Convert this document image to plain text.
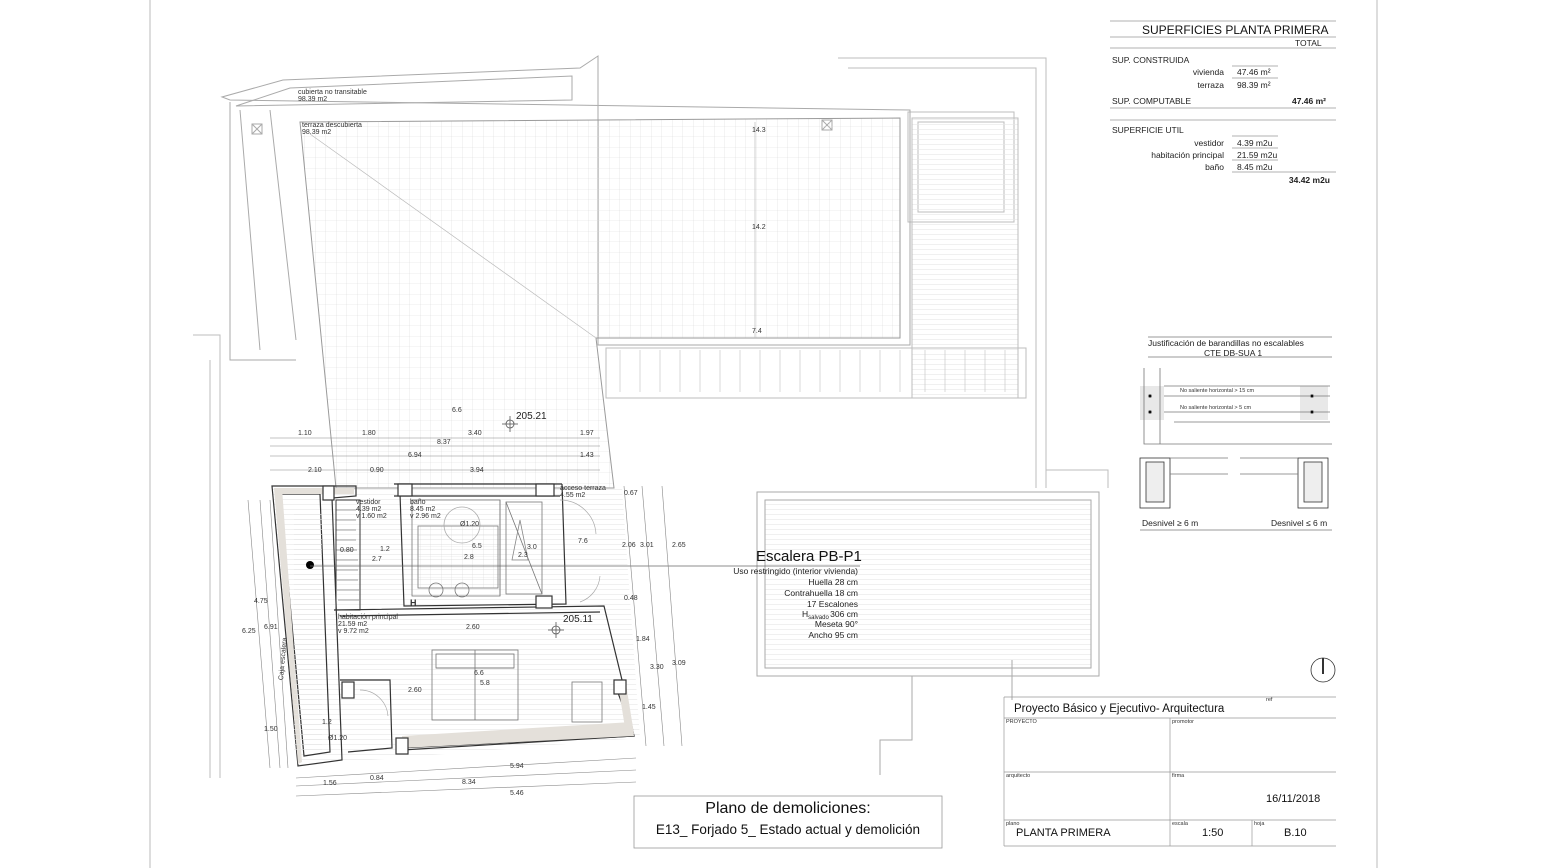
SUPERFICIES PLANTA PRIMERA
TOTAL
SUP. CONSTRUIDA
vivienda 47.46 m²
terraza 98.39 m²
SUP. COMPUTABLE	47.46 m²
SUPERFICIE UTIL
vestidor 4.39 m2u
habitación principal 21.59 m2u
baño 8.45 m2u
34.42 m2u
Justificación de barandillas no escalables
CTE DB-SUA 1
No saliente horizontal > 15 cm
No saliente horizontal > 5 cm
Desnivel ≥ 6 m	Desnivel ≤ 6 m
Escalera PB-P1
Uso restringido (interior vivienda)
Huella 28 cm
Contrahuella 18 cm
17 Escalones
$H_{salvado}$ 306 cm
Meseta 90°
Ancho 95 cm
cubierta no transitable
98.39 m2
terraza descubierta
98.39 m2
vestidor
4.39 m2
v 1.60 m2
baño
8.45 m2
v 2.96 m2
acceso terraza
4.55 m2
habitación principal
21.59 m2
v 9.72 m2
Caja escalera
H
205.21
205.11
1.10	1.80	3.40	1.97
8.37
6.94	1.43
2.10	0.90	3.94
0.67
2.06
0.48
1.84
1.45
3.01
3.30
2.65
3.09
4.75
1.50
6.25
6.91
1.56
0.84
5.94
8.34
5.46
2.60
2.60
Ø1.20
Ø1.20
0.80	1.2
1.2
2.7
6.5
2.8
3.0
2.3
7.6
6.6
5.8
6.6
14.3
14.2
7.4
Plano de demoliciones:
E13_ Forjado 5_ Estado actual y demolición
Proyecto Básico y Ejecutivo- Arquitectura
ref
PROYECTO	promotor
arquitecto	firma
16/11/2018
plano	escala	hoja
PLANTA PRIMERA	1:50	B.10
